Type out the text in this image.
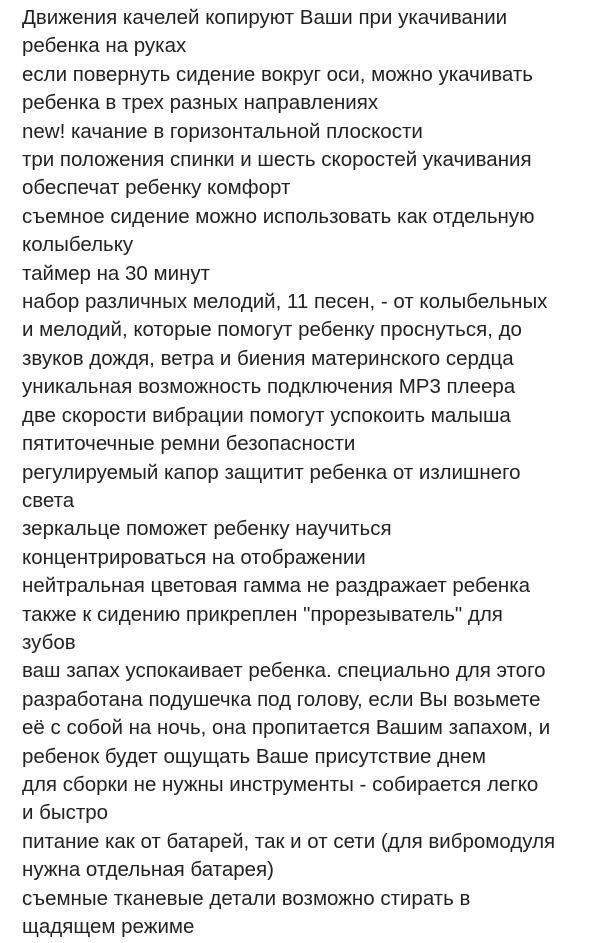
Движения качелей копируют Ваши при укачивании
ребенка на руках
если повернуть сидение вокруг оси, можно укачивать
ребенка в трех разных направлениях
new! качание в горизонтальной плоскости
три положения спинки и шесть скоростей укачивания
обеспечат ребенку комфорт
съемное сидение можно использовать как отдельную
колыбельку
таймер на 30 минут
набор различных мелодий, 11 песен, - от колыбельных
и мелодий, которые помогут ребенку проснуться, до
звуков дождя, ветра и биения материнского сердца
уникальная возможность подключения MP3 плеера
две скорости вибрации помогут успокоить малыша
пятиточечные ремни безопасности
регулируемый капор защитит ребенка от излишнего
света
зеркальце поможет ребенку научиться
концентрироваться на отображении
нейтральная цветовая гамма не раздражает ребенка
также к сидению прикреплен "прорезыватель" для
зубов
ваш запах успокаивает ребенка. специально для этого
разработана подушечка под голову, если Вы возьмете
её с собой на ночь, она пропитается Вашим запахом, и
ребенок будет ощущать Ваше присутствие днем
для сборки не нужны инструменты - собирается легко
и быстро
питание как от батарей, так и от сети (для вибромодуля
нужна отдельная батарея)
съемные тканевые детали возможно стирать в
щадящем режиме
